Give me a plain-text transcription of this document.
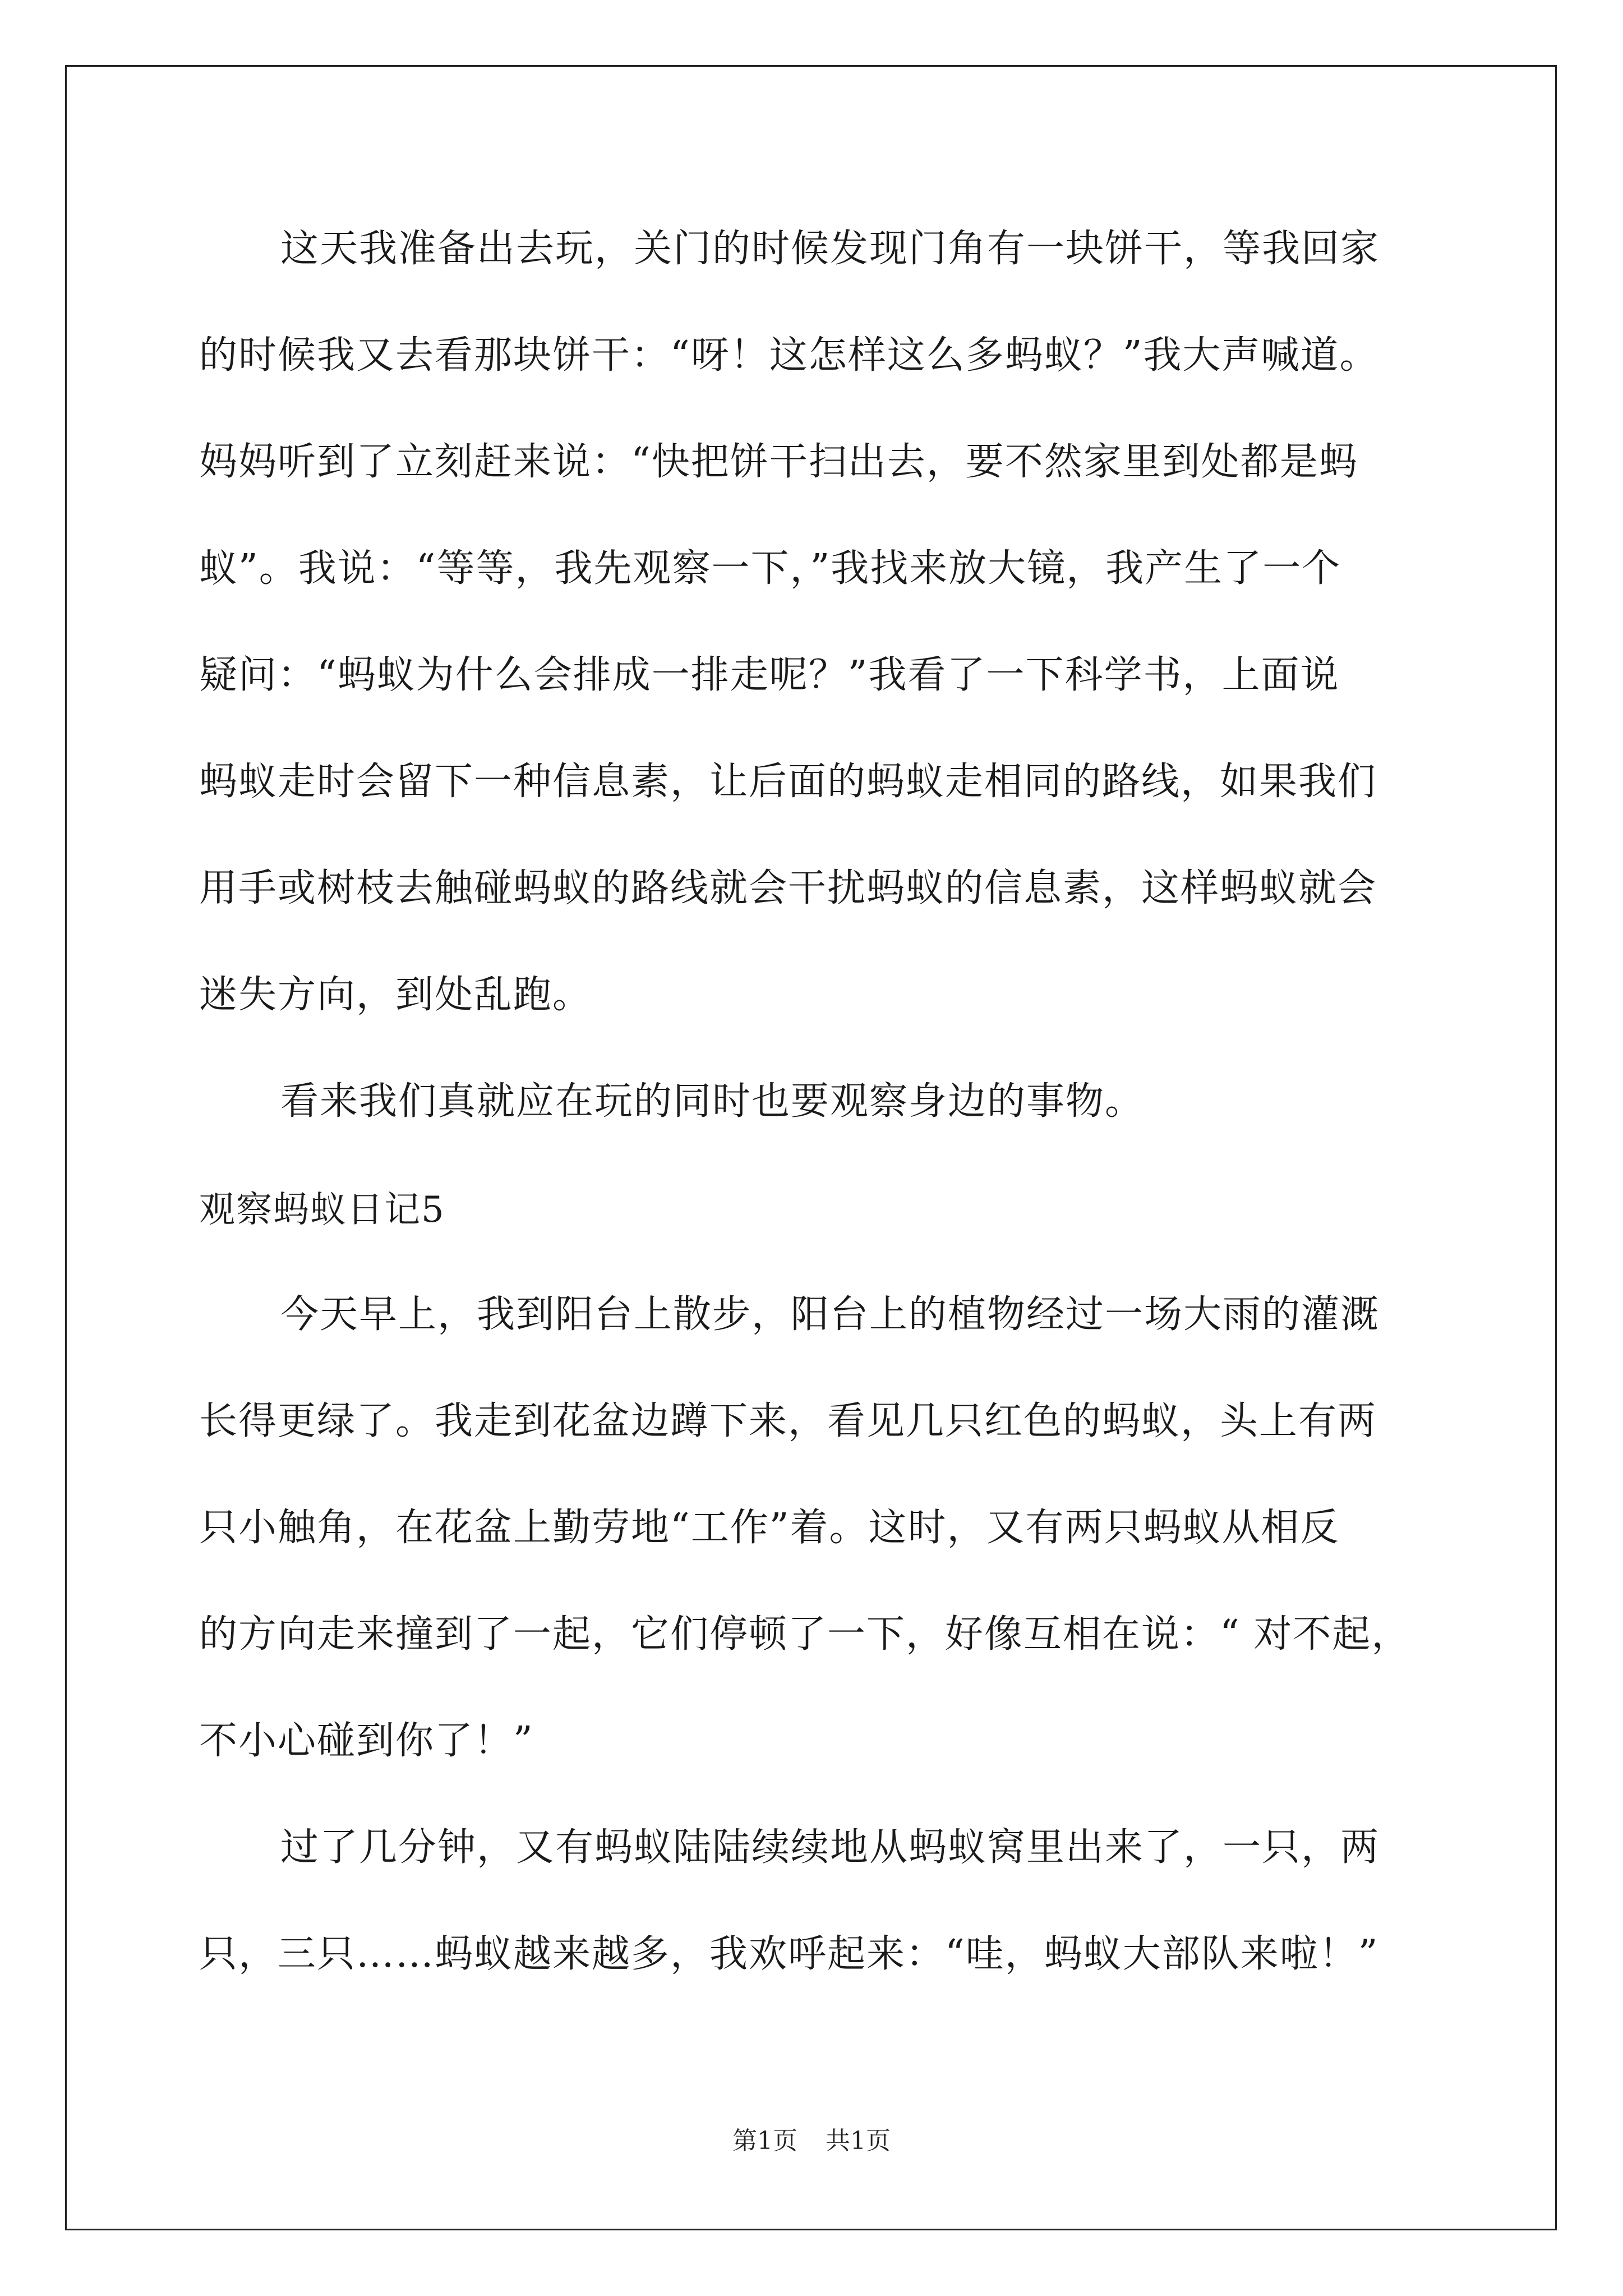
这天我准备出去玩，关门的时候发现门角有一块饼干，等我回家
的时候我又去看那块饼干：“呀！这怎样这么多蚂蚁？”我大声喊道。
妈妈听到了立刻赶来说：“快把饼干扫出去，要不然家里到处都是蚂
蚁”。我说：“等等，我先观察一下，”我找来放大镜，我产生了一个
疑问：“蚂蚁为什么会排成一排走呢？”我看了一下科学书，上面说
蚂蚁走时会留下一种信息素，让后面的蚂蚁走相同的路线，如果我们
用手或树枝去触碰蚂蚁的路线就会干扰蚂蚁的信息素，这样蚂蚁就会
迷失方向，到处乱跑。
看来我们真就应在玩的同时也要观察身边的事物。
观察蚂蚁日记5
今天早上，我到阳台上散步，阳台上的植物经过一场大雨的灌溉
长得更绿了。我走到花盆边蹲下来，看见几只红色的蚂蚁，头上有两
只小触角，在花盆上勤劳地“工作”着。这时，又有两只蚂蚁从相反
的方向走来撞到了一起，它们停顿了一下，好像互相在说：“ 对不起，
不小心碰到你了！”
过了几分钟，又有蚂蚁陆陆续续地从蚂蚁窝里出来了，一只，两
只，三只……蚂蚁越来越多，我欢呼起来：“哇，蚂蚁大部队来啦！”
第1页 共1页
